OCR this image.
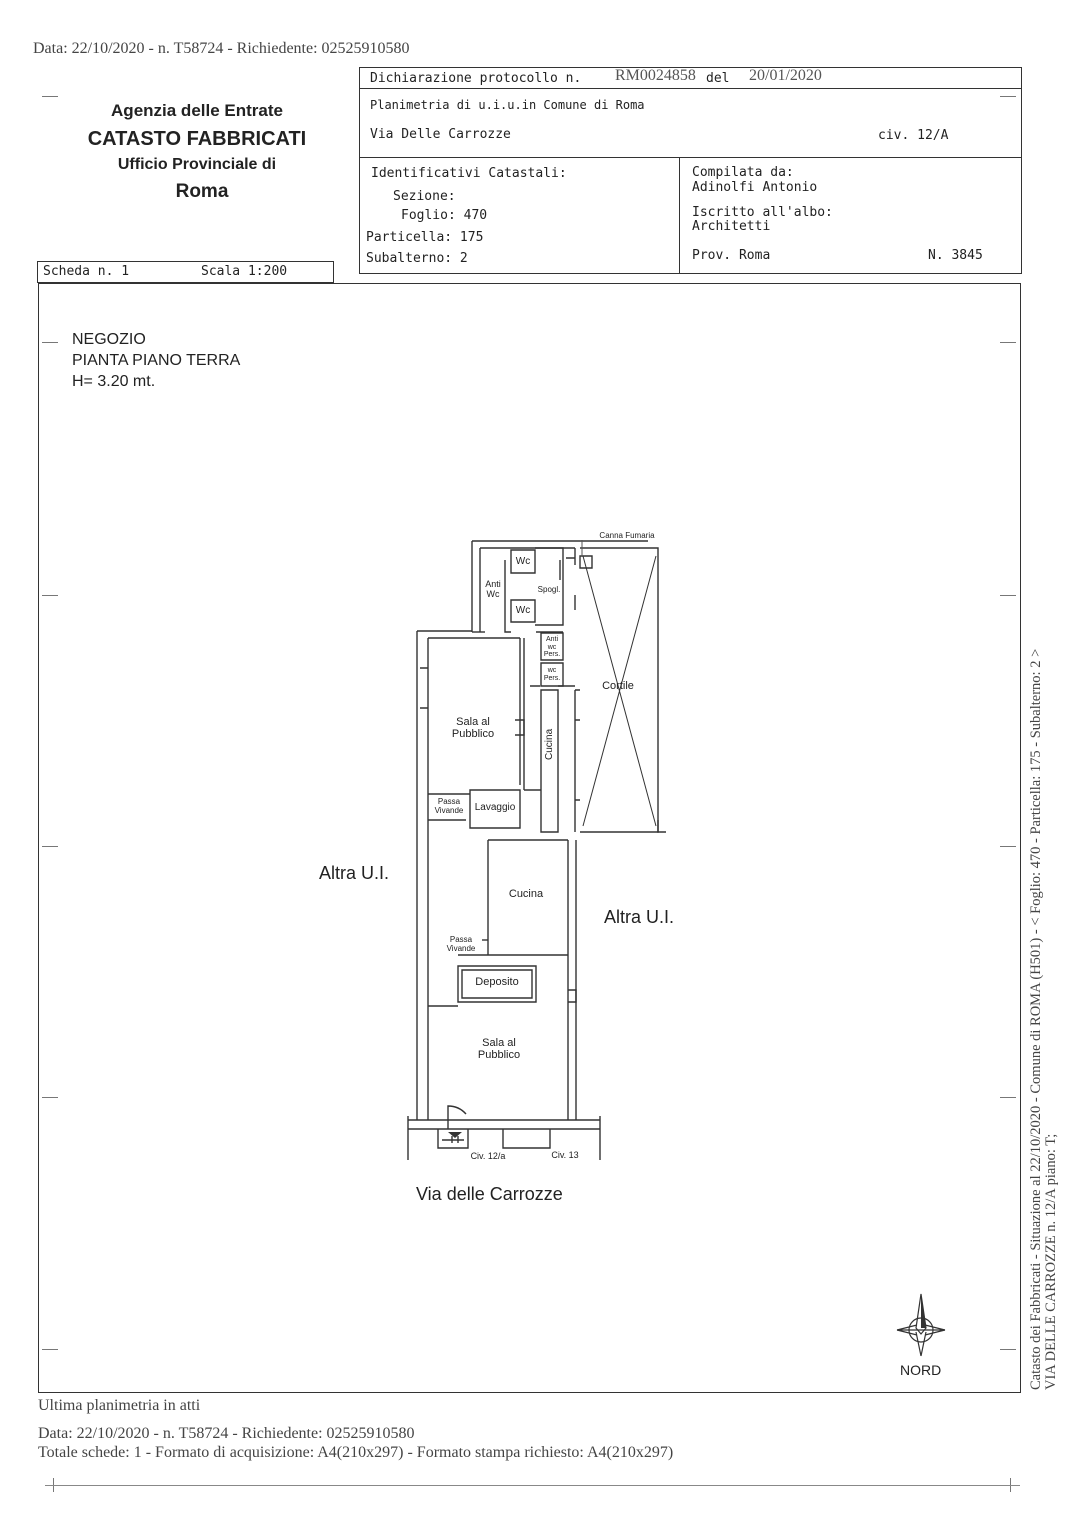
Data: 22/10/2020 - n. T58724 - Richiedente: 02525910580
Agenzia delle Entrate
CATASTO FABBRICATI
Ufficio Provinciale di
Roma
Dichiarazione protocollo n. RM0024858 del 20/01/2020
Planimetria di u.i.u.in Comune di Roma
Via Delle Carrozze	civ. 12/A
Identificativi Catastali:
Sezione:
Foglio: 470
Particella: 175
Subalterno: 2
Compilata da:
Adinolfi Antonio
Iscritto all'albo:
Architetti
Prov. Roma	N. 3845
Scheda n. 1	Scala 1:200
NEGOZIO
PIANTA PIANO TERRA
H= 3.20 mt.
Canna Fumaria
Wc
Wc
Anti
Wc	Spogl.
Anti
wc
Pers.
wc
Pers.
Cortile
Sala al
Pubblico	Cucina
Passa
Vivande	Lavaggio
Cucina
Passa
Vivande
Deposito
Sala al
Pubblico
Civ. 12/a	Civ. 13
Altra U.I.
Altra U.I.
Via delle Carrozze
NORD	Catasto dei Fabbricati - Situazione al 22/10/2020 - Comune di ROMA (H501) - < Foglio: 470 - Particella: 175 - Subalterno: 2 > VIA DELLE CARROZZE n. 12/A piano: T;
Ultima planimetria in atti
Data: 22/10/2020 - n. T58724 - Richiedente: 02525910580
Totale schede: 1 - Formato di acquisizione: A4(210x297) - Formato stampa richiesto: A4(210x297)
